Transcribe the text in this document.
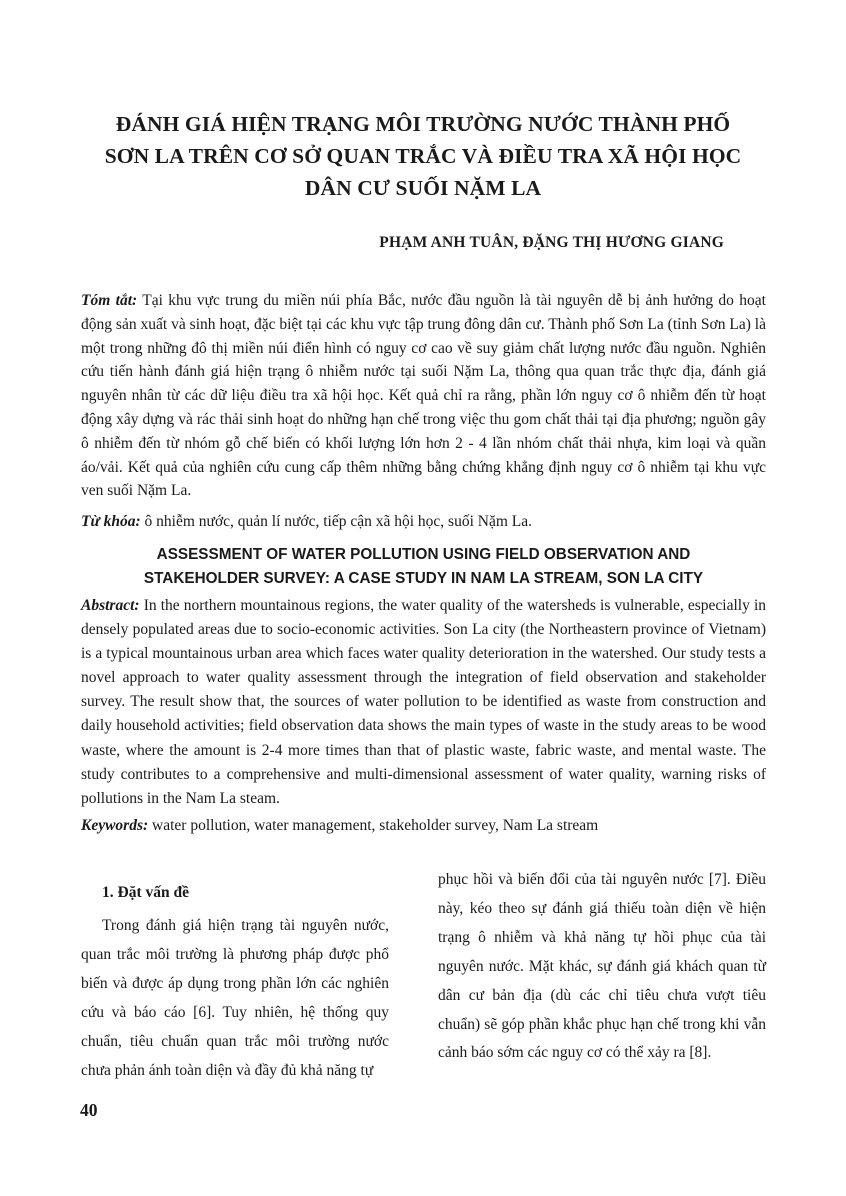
ĐÁNH GIÁ HIỆN TRẠNG MÔI TRƯỜNG NƯỚC THÀNH PHỐ
SƠN LA TRÊN CƠ SỞ QUAN TRẮC VÀ ĐIỀU TRA XÃ HỘI HỌC
DÂN CƯ SUỐI NẶM LA
PHẠM ANH TUÂN, ĐẶNG THỊ HƯƠNG GIANG
Tóm tắt: Tại khu vực trung du miền núi phía Bắc, nước đầu nguồn là tài nguyên dễ bị ảnh hưởng do hoạt động sản xuất và sinh hoạt, đặc biệt tại các khu vực tập trung đông dân cư. Thành phố Sơn La (tỉnh Sơn La) là một trong những đô thị miền núi điển hình có nguy cơ cao về suy giảm chất lượng nước đầu nguồn. Nghiên cứu tiến hành đánh giá hiện trạng ô nhiễm nước tại suối Nặm La, thông qua quan trắc thực địa, đánh giá nguyên nhân từ các dữ liệu điều tra xã hội học. Kết quả chỉ ra rằng, phần lớn nguy cơ ô nhiễm đến từ hoạt động xây dựng và rác thải sinh hoạt do những hạn chế trong việc thu gom chất thải tại địa phương; nguồn gây ô nhiễm đến từ nhóm gỗ chế biến có khối lượng lớn hơn 2 - 4 lần nhóm chất thải nhựa, kim loại và quần áo/vải. Kết quả của nghiên cứu cung cấp thêm những bằng chứng khẳng định nguy cơ ô nhiễm tại khu vực ven suối Nặm La.
Từ khóa: ô nhiễm nước, quản lí nước, tiếp cận xã hội học, suối Nặm La.
ASSESSMENT OF WATER POLLUTION USING FIELD OBSERVATION AND
STAKEHOLDER SURVEY: A CASE STUDY IN NAM LA STREAM, SON LA CITY
Abstract: In the northern mountainous regions, the water quality of the watersheds is vulnerable, especially in densely populated areas due to socio-economic activities. Son La city (the Northeastern province of Vietnam) is a typical mountainous urban area which faces water quality deterioration in the watershed. Our study tests a novel approach to water quality assessment through the integration of field observation and stakeholder survey. The result show that, the sources of water pollution to be identified as waste from construction and daily household activities; field observation data shows the main types of waste in the study areas to be wood waste, where the amount is 2-4 more times than that of plastic waste, fabric waste, and mental waste. The study contributes to a comprehensive and multi-dimensional assessment of water quality, warning risks of pollutions in the Nam La steam.
Keywords: water pollution, water management, stakeholder survey, Nam La stream
1. Đặt vấn đề
Trong đánh giá hiện trạng tài nguyên nước, quan trắc môi trường là phương pháp được phổ biến và được áp dụng trong phần lớn các nghiên cứu và báo cáo [6]. Tuy nhiên, hệ thống quy chuẩn, tiêu chuẩn quan trắc môi trường nước chưa phản ánh toàn diện và đầy đủ khả năng tự
phục hồi và biến đổi của tài nguyên nước [7]. Điều này, kéo theo sự đánh giá thiếu toàn diện về hiện trạng ô nhiễm và khả năng tự hồi phục của tài nguyên nước. Mặt khác, sự đánh giá khách quan từ dân cư bản địa (dù các chỉ tiêu chưa vượt tiêu chuẩn) sẽ góp phần khắc phục hạn chế trong khi vẫn cảnh báo sớm các nguy cơ có thể xảy ra [8].
40
